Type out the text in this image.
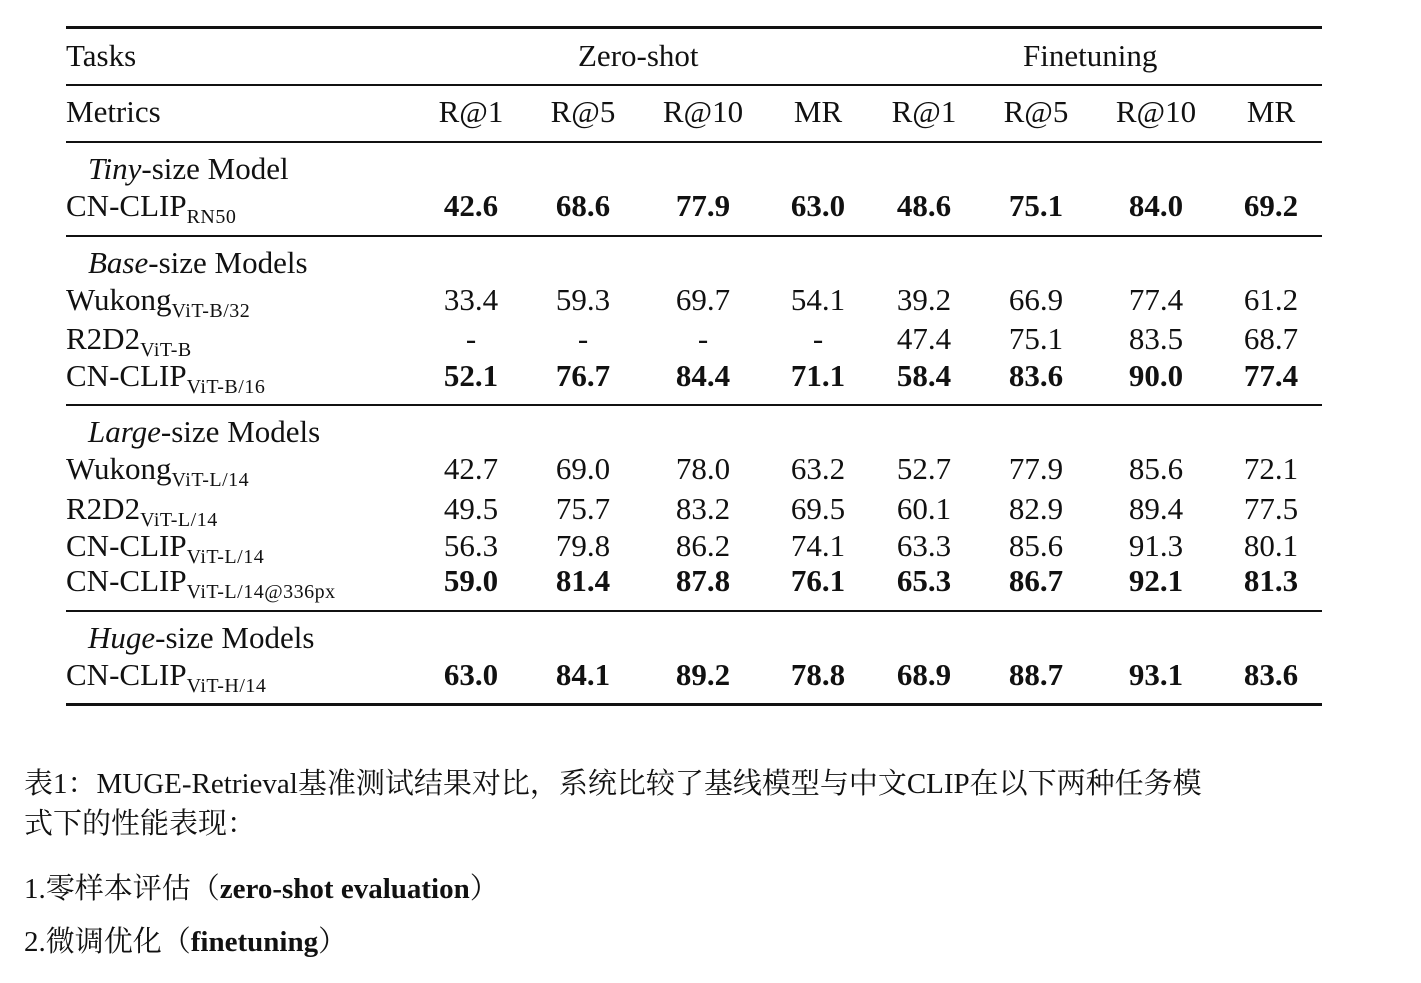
Tasks	Zero-shot	Finetuning
Metrics	R@1	R@5	R@10	MR	R@1	R@5	R@10	MR
Tiny-size Model
$CN-CLIP_{RN50}$	42.6	68.6	77.9	63.0	48.6	75.1	84.0	69.2
Base-size Models
Wukong$_{ViT-B/32}$	33.4	59.3	69.7	54.1	39.2	66.9	77.4	61.2
$R2D2_{ViT-B}$	-	-	-	-	47.4	75.1	83.5	68.7
$CN-CLIP_{ViT-B/16}$	52.1	76.7	84.4	71.1	58.4	83.6	90.0	77.4
Large-size Models
Wukong$_{ViT-L/14}$	42.7	69.0	78.0	63.2	52.7	77.9	85.6	72.1
$R2D2_{ViT-L/14}$	49.5	75.7	83.2	69.5	60.1	82.9	89.4	77.5
$CN-CLIP_{ViT-L/14}$	56.3	79.8	86.2	74.1	63.3	85.6	91.3	80.1
$CN-CLIP_{ViT-L/14@336px}$	59.0	81.4	87.8	76.1	65.3	86.7	92.1	81.3
Huge-size Models
$CN-CLIP_{ViT-H/14}$	63.0	84.1	89.2	78.8	68.9	88.7	93.1	83.6
表1：MUGE-Retrieval基准测试结果对比，系统比较了基线模型与中文CLIP在以下两种任务模
式下的性能表现：
1.零样本评估（zero-shot evaluation）
2.微调优化（finetuning）
